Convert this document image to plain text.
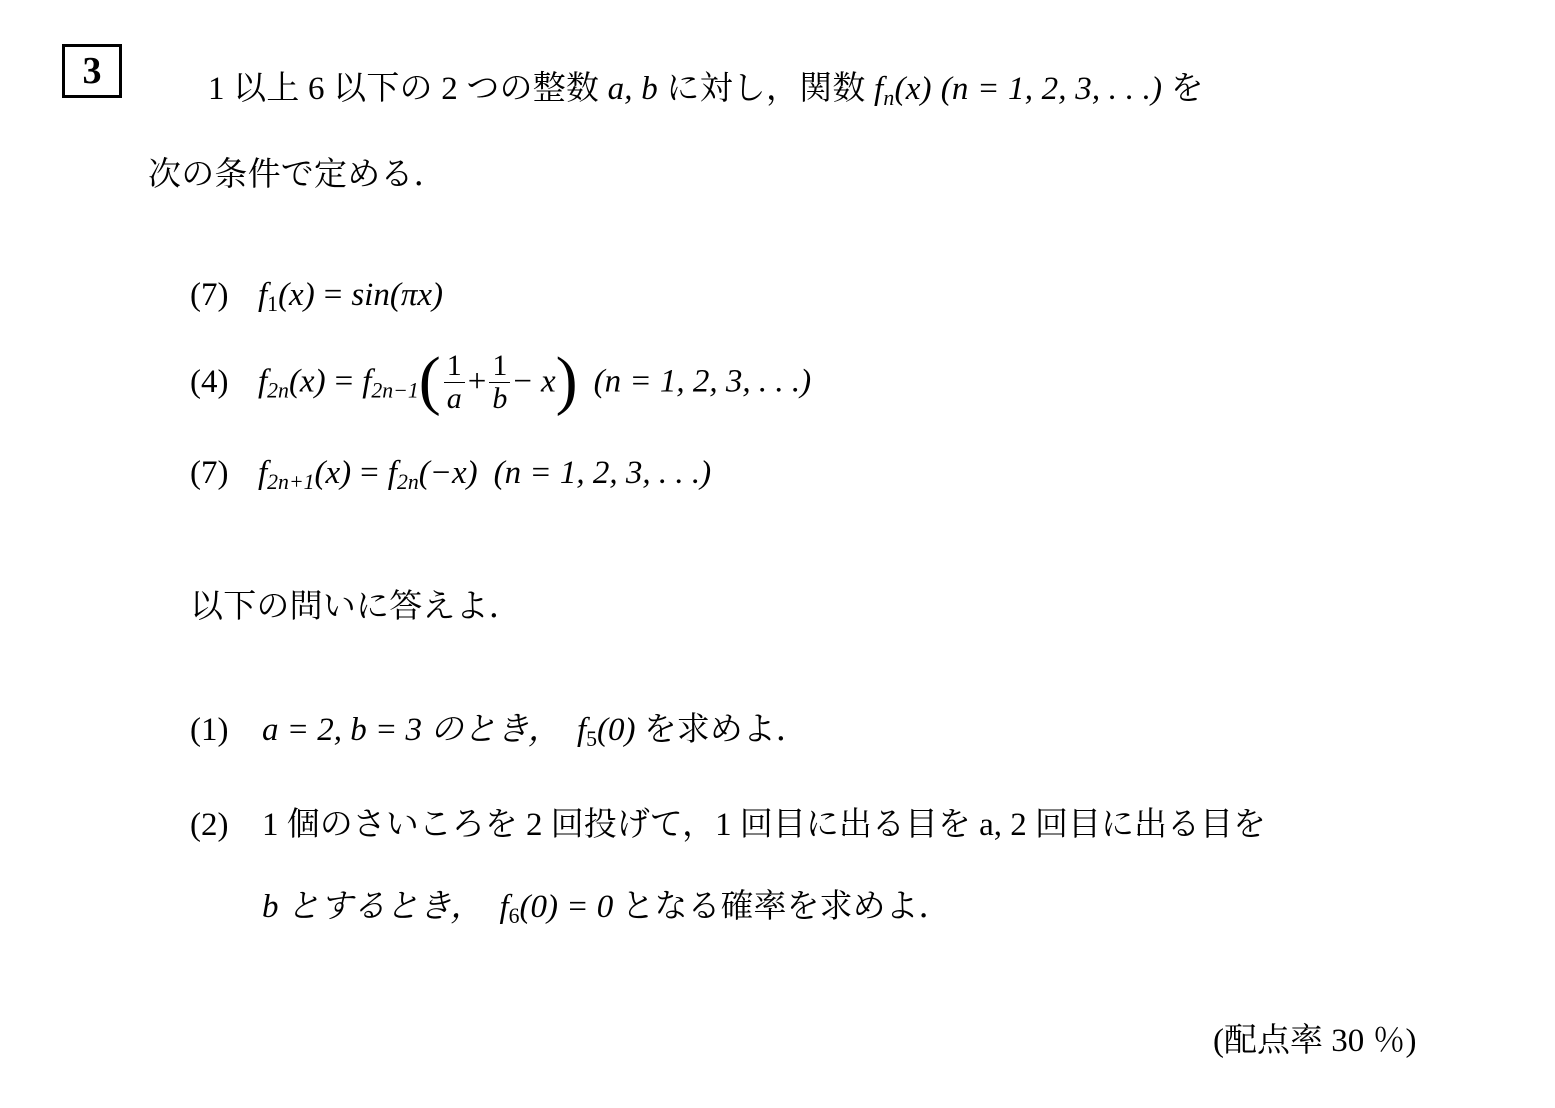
3	1 以上 6 以下の 2 つの整数 a, b に対し，関数 $f_n(x) (n = 1$, 2, 3, . . .) を
次の条件で定める．
(7) f1(x) = sin(πx)
(4) $f_{2n}(x) = f_{2n-1}( \frac{1}{a} + \frac{1}{b} - x) (n = 1$, 2, 3, . . .)
(7) $f_{2n+1}(x) = f_{2n}(-x) (n = 1$, 2, 3, . . .)
以下の問いに答えよ．
(1) a = 2, b = 3 のとき， f5(0) を求めよ．
(2) 1 個のさいころを 2 回投げて，1 回目に出る目を a, 2 回目に出る目を
b とするとき， f6(0) = 0 となる確率を求めよ．
(配点率 30 ％)
